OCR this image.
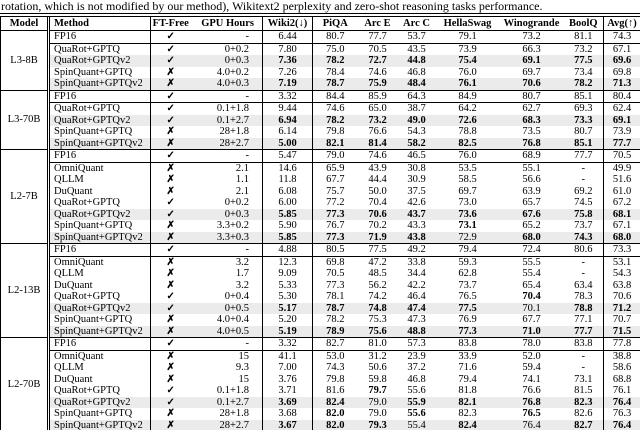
rotation, which is not modified by our method), Wikitext2 perplexity and zero-shot reasoning tasks performance.
Model	Method	FT-Free	GPU Hours	Wiki2(↓)	PiQA	Arc E	Arc C	HellaSwag	Winogrande	BoolQ	Avg(↑)
L3-8B	FP16	✓	-	6.44	80.7	77.7	53.7	79.1	73.2	81.1	74.3
	QuaRot+GPTQ	✓	0+0.2	7.80	75.0	70.5	43.5	73.9	66.3	73.2	67.1
	QuaRot+GPTQv2	✓	0+0.3	7.36	78.2	72.7	44.8	75.4	69.1	77.5	69.6
	SpinQuant+GPTQ	✗	4.0+0.2	7.26	78.4	74.6	46.8	76.0	69.7	73.4	69.8
	SpinQuant+GPTQv2	✗	4.0+0.3	7.19	78.7	75.9	48.4	76.1	70.6	78.2	71.3
L3-70B	FP16	✓	-	3.32	84.4	85.9	64.3	84.9	80.7	85.1	80.4
	QuaRot+GPTQ	✓	0.1+1.8	9.44	74.6	65.0	38.7	64.2	62.7	69.3	62.4
	QuaRot+GPTQv2	✓	0.1+2.7	6.94	78.2	73.2	49.0	72.6	68.3	73.3	69.1
	SpinQuant+GPTQ	✗	28+1.8	6.14	79.8	76.6	54.3	78.8	73.5	80.7	73.9
	SpinQuant+GPTQv2	✗	28+2.7	5.00	82.1	81.4	58.2	82.5	76.8	85.1	77.7
L2-7B	FP16	✓	-	5.47	79.0	74.6	46.5	76.0	68.9	77.7	70.5
	OmniQuant	✗	2.1	14.6	65.9	43.9	30.8	53.5	55.1	-	49.9
	QLLM	✗	1.1	11.8	67.7	44.4	30.9	58.5	56.6	-	51.6
	DuQuant	✗	2.1	6.08	75.7	50.0	37.5	69.7	63.9	69.2	61.0
	QuaRot+GPTQ	✓	0+0.2	6.00	77.2	70.4	42.6	73.0	65.7	74.5	67.2
	QuaRot+GPTQv2	✓	0+0.3	5.85	77.3	70.6	43.7	73.6	67.6	75.8	68.1
	SpinQuant+GPTQ	✗	3.3+0.2	5.90	76.7	70.2	43.3	73.1	65.2	73.7	67.1
	SpinQuant+GPTQv2	✗	3.3+0.3	5.85	77.3	71.9	43.8	72.9	68.0	74.3	68.0
L2-13B	FP16	✓	-	4.88	80.5	77.5	49.2	79.4	72.4	80.6	73.3
	OmniQuant	✗	3.2	12.3	69.8	47.2	33.8	59.3	55.5	-	53.1
	QLLM	✗	1.7	9.09	70.5	48.5	34.4	62.8	55.4	-	54.3
	DuQuant	✗	3.2	5.33	77.3	56.2	42.2	73.7	65.4	63.4	63.8
	QuaRot+GPTQ	✓	0+0.4	5.30	78.1	74.2	46.4	76.5	70.4	78.3	70.6
	QuaRot+GPTQv2	✓	0+0.5	5.17	78.7	74.8	47.4	77.5	70.1	78.8	71.2
	SpinQuant+GPTQ	✗	4.0+0.4	5.20	78.2	75.3	47.3	76.9	67.7	77.1	70.7
	SpinQuant+GPTQv2	✗	4.0+0.5	5.19	78.9	75.6	48.8	77.3	71.0	77.7	71.5
L2-70B	FP16	✓	-	3.32	82.7	81.0	57.3	83.8	78.0	83.8	77.8
	OmniQuant	✗	15	41.1	53.0	31.2	23.9	33.9	52.0	-	38.8
	QLLM	✗	9.3	7.00	74.3	50.6	37.2	71.6	59.4	-	58.6
	DuQuant	✗	15	3.76	79.8	59.8	46.8	79.4	74.1	73.1	68.8
	QuaRot+GPTQ	✓	0.1+1.8	3.71	81.6	79.7	55.6	81.8	76.6	81.5	76.1
	QuaRot+GPTQv2	✓	0.1+2.7	3.69	82.4	79.0	55.9	82.1	76.8	82.3	76.4
	SpinQuant+GPTQ	✗	28+1.8	3.68	82.0	79.0	55.6	82.3	76.5	82.6	76.3
	SpinQuant+GPTQv2	✗	28+2.7	3.67	82.0	79.3	55.4	82.4	76.4	82.7	76.4
